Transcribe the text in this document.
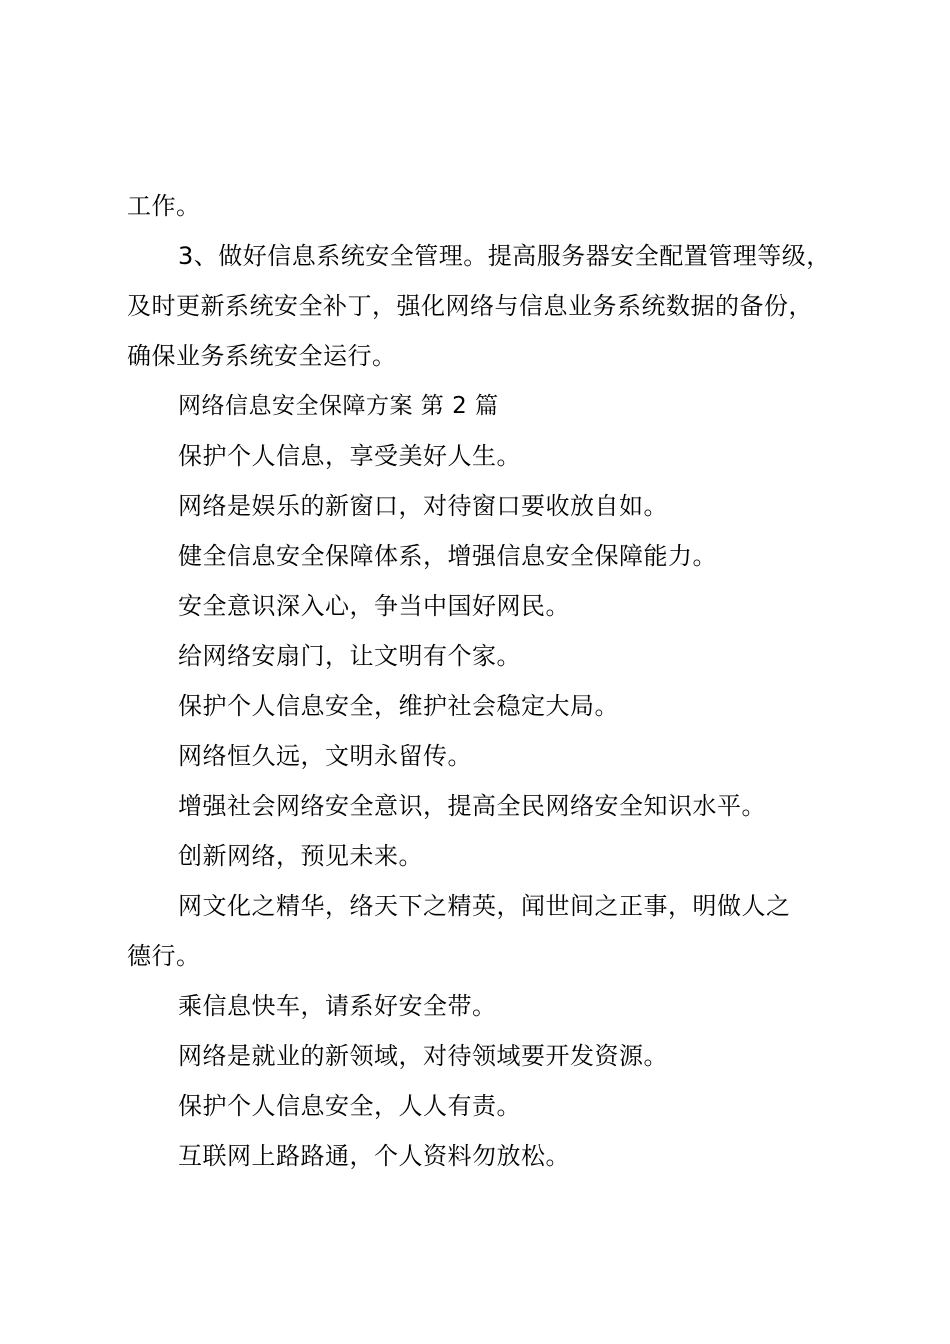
工作。
3、做好信息系统安全管理。提高服务器安全配置管理等级，
及时更新系统安全补丁，强化网络与信息业务系统数据的备份，
确保业务系统安全运行。
网络信息安全保障方案 第 2 篇
保护个人信息，享受美好人生。
网络是娱乐的新窗口，对待窗口要收放自如。
健全信息安全保障体系，增强信息安全保障能力。
安全意识深入心，争当中国好网民。
给网络安扇门，让文明有个家。
保护个人信息安全，维护社会稳定大局。
网络恒久远，文明永留传。
增强社会网络安全意识，提高全民网络安全知识水平。
创新网络，预见未来。
网文化之精华，络天下之精英，闻世间之正事，明做人之
德行。
乘信息快车，请系好安全带。
网络是就业的新领域，对待领域要开发资源。
保护个人信息安全，人人有责。
互联网上路路通，个人资料勿放松。
